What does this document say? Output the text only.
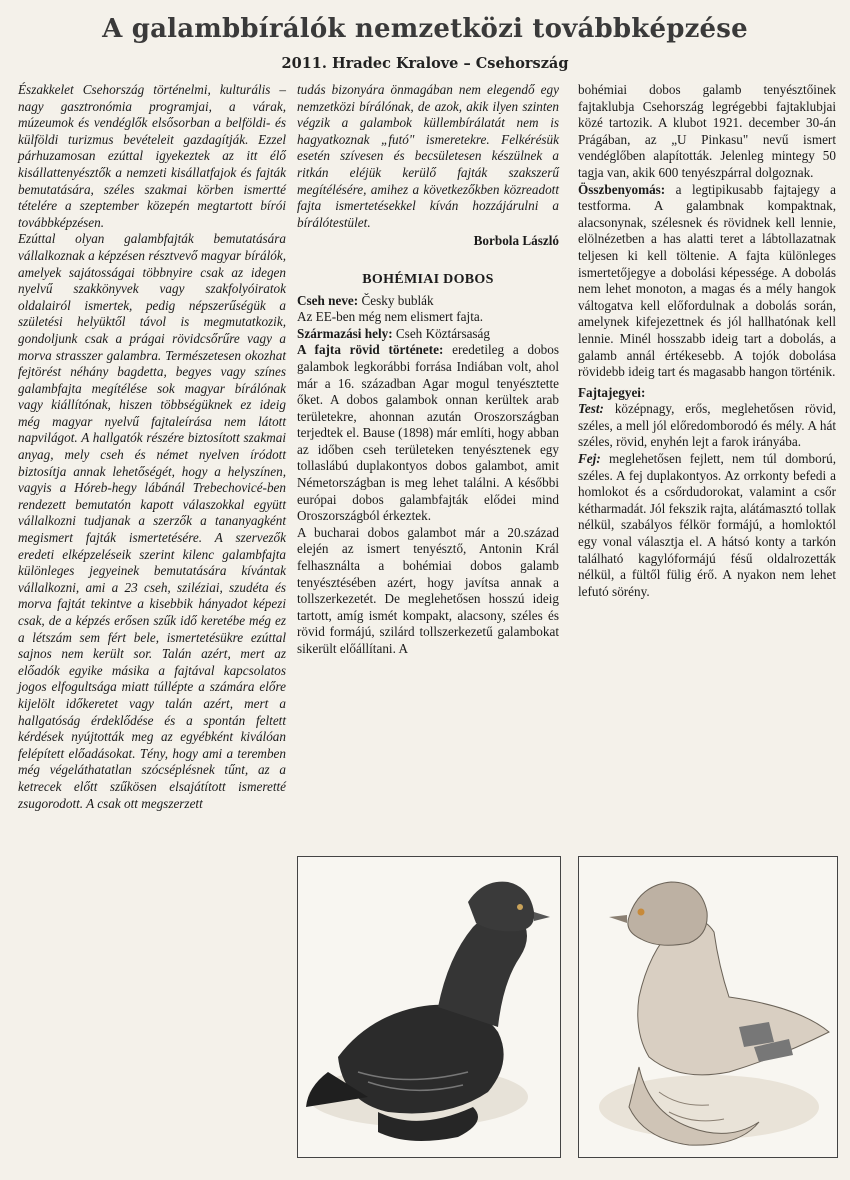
A galambbírálók nemzetközi továbbképzése
2011. Hradec Kralove – Csehország

Északkelet Csehország történelmi, kulturális – nagy gasztronómia programjai, a várak, múzeumok és vendéglők elsősorban a belföldi- és külföldi turizmus bevételeit gazdagítják. Ezzel párhuzamosan ezúttal igyekeztek az itt élő kisállattenyésztők a nemzeti kisállatfajok és fajták bemutatására, széles szakmai körben ismertté tételére a szeptember közepén megtartott bírói továbbképzésen.

Ezúttal olyan galambfajták bemutatására vállalkoznak a képzésen résztvevő magyar bírálók, amelyek sajátosságai többnyire csak az idegen nyelvű szakkönyvek vagy szakfolyóiratok oldalairól ismertek, pedig népszerűségük a születési helyüktől távol is megmutatkozik, gondoljunk csak a prágai rövidcsőrűre vagy a morva strasszer galambra. Természetesen okozhat fejtörést néhány bagdetta, begyes vagy színes galambfajta megítélése sok magyar bírálónak vagy kiállítónak, hiszen többségüknek ez ideig még magyar nyelvű fajtaleírása nem látott napvilágot. A hallgatók részére biztosított szakmai anyag, mely cseh és német nyelven íródott biztosítja annak lehetőségét, hogy a helyszínen, vagyis a Hóreb-hegy lábánál Trebechovicé-ben rendezett bemutatón kapott válaszokkal együtt vállalkozni tudjanak a szerzők a tananyagként megismert fajták ismertetésére. A szervezők eredeti elképzeléseik szerint kilenc galambfajta különleges jegyeinek bemutatására kívántak vállalkozni, ami a 23 cseh, sziléziai, szudéta és morva fajtát tekintve a kisebbik hányadot képezi csak, de a képzés erősen szűk idő keretébe még ez a létszám sem fért bele, ismertetésükre ezúttal sajnos nem került sor. Talán azért, mert az előadók egyike másika a fajtával kapcsolatos jogos elfogultsága miatt túllépte a számára előre kijelölt időkeretet vagy talán azért, mert a hallgatóság érdeklődése és a spontán feltett kérdések nyújtották meg az egyébként kiválóan felépített előadásokat. Tény, hogy ami a teremben még végeláthatatlan szócséplésnek tűnt, az a ketrecek előtt szűkösen elsajátított ismeretté zsugorodott. A csak ott megszerzett

tudás bizonyára önmagában nem elegendő egy nemzetközi bírálónak, de azok, akik ilyen szinten végzik a galambok küllembírálatát nem is hagyatkoznak „futó" ismeretekre. Felkérésük esetén szívesen és becsületesen készülnek a ritkán eléjük kerülő fajták szakszerű megítélésére, amihez a következőkben közreadott fajta ismertetésekkel kíván hozzájárulni a bírálótestület.

Borbola László

BOHÉMIAI DOBOS

Cseh neve: Česky bublák

Az EE-ben még nem elismert fajta.

Származási hely: Cseh Köztársaság

A fajta rövid története: eredetileg a dobos galambok legkorábbi forrása Indiában volt, ahol már a 16. században Agar mogul tenyésztette őket. A dobos galambok onnan kerültek arab területekre, ahonnan azután Oroszországban terjedtek el. Bause (1898) már említi, hogy abban az időben cseh területeken tenyésztenek egy tollaslábú duplakontyos dobos galambot, amit Németországban is meg lehet találni. A későbbi európai dobos galambfajták elődei mind Oroszországból érkeztek.

A bucharai dobos galambot már a 20.század elején az ismert tenyésztő, Antonin Král felhasználta a bohémiai dobos galamb tenyésztésében azért, hogy javítsa annak a tollszerkezetét. De meglehetősen hosszú ideig tartott, amíg ismét kompakt, alacsony, széles és rövid formájú, szilárd tollszerkezetű galambokat sikerült előállítani. A

bohémiai dobos galamb tenyésztőinek fajtaklubja Csehország legrégebbi fajtaklubjai közé tartozik. A klubot 1921. december 30-án Prágában, az „U Pinkasu" nevű ismert vendéglőben alapították. Jelenleg mintegy 50 tagja van, akik 600 tenyészpárral dolgoznak.

Összbenyomás: a legtipikusabb fajtajegy a testforma. A galambnak kompaktnak, alacsonynak, szélesnek és rövidnek kell lennie, elölnézetben a has alatti teret a lábtollazatnak teljesen ki kell töltenie. A fajta különleges ismertetőjegye a dobolási képessége. A dobolás nem lehet monoton, a magas és a mély hangok váltogatva kell előfordulnak a dobolás során, amelynek kifejezettnek és jól hallhatónak kell lennie. Minél hosszabb ideig tart a dobolás, a galamb annál értékesebb. A tojók dobolása rövidebb ideig tart és magasabb hangon történik.

Fajtajegyei:

Test: középnagy, erős, meglehetősen rövid, széles, a mell jól előredomborodó és mély. A hát széles, rövid, enyhén lejt a farok irányába.

Fej: meglehetősen fejlett, nem túl domború, széles. A fej duplakontyos. Az orrkonty befedi a homlokot és a csőrdudorokat, valamint a csőr kétharmadát. Jól fekszik rajta, alátámasztó tollak nélkül, szabályos félkör formájú, a homloktól egy vonal választja el. A hátsó konty a tarkón található kagylóformájú fésű oldalrozetták nélkül, a fültől fülig érő. A nyakon nem lehet lefutó sörény.
